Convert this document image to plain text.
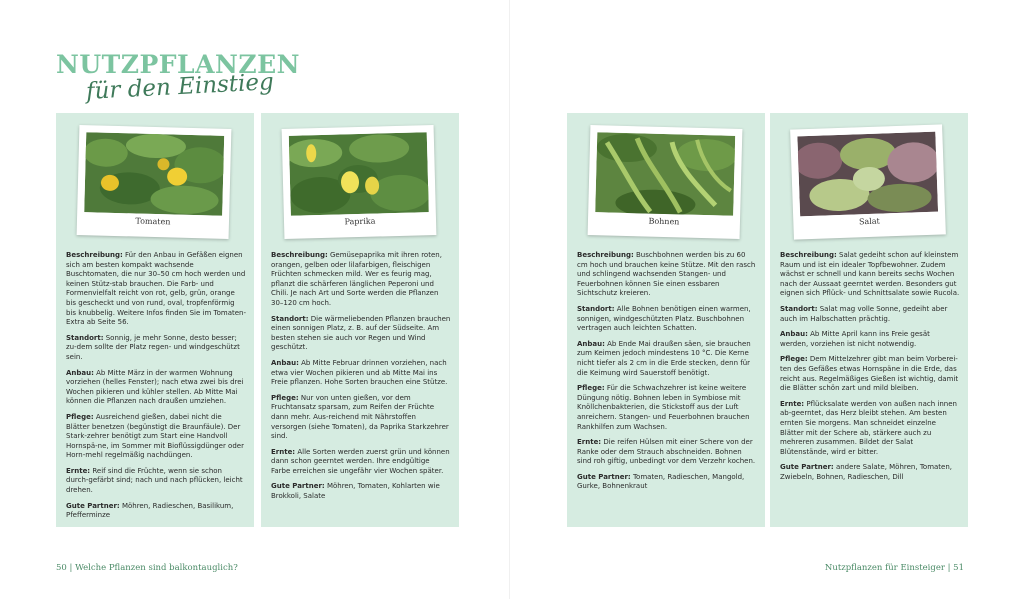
NUTZPFLANZEN
für den Einstieg
Tomaten

Beschreibung: Für den Anbau in Gefäßen eignen sich am besten kompakt wachsende Buschtomaten, die nur 30–50 cm hoch werden und keinen Stütz-stab brauchen. Die Farb- und Formenvielfalt reicht von rot, gelb, grün, orange bis gescheckt und von rund, oval, tropfenförmig bis knubbelig. Weitere Infos finden Sie im Tomaten-Extra ab Seite 56.

Standort: Sonnig, je mehr Sonne, desto besser; zu-dem sollte der Platz regen- und windgeschützt sein.

Anbau: Ab Mitte März in der warmen Wohnung vorziehen (helles Fenster); nach etwa zwei bis drei Wochen pikieren und kühler stellen. Ab Mitte Mai können die Pflanzen nach draußen umziehen.

Pflege: Ausreichend gießen, dabei nicht die Blätter benetzen (begünstigt die Braunfäule). Der Stark-zehrer benötigt zum Start eine Handvoll Hornspä-ne, im Sommer mit Bioflüssigdünger oder Horn-mehl regelmäßig nachdüngen.

Ernte: Reif sind die Früchte, wenn sie schon durch-gefärbt sind; nach und nach pflücken, leicht drehen.

Gute Partner: Möhren, Radieschen, Basilikum, Pfefferminze

Paprika

Beschreibung: Gemüsepaprika mit ihren roten, orangen, gelben oder lilafarbigen, fleischigen Früchten schmecken mild. Wer es feurig mag, pflanzt die schärferen länglichen Peperoni und Chili. Je nach Art und Sorte werden die Pflanzen 30–120 cm hoch.

Standort: Die wärmeliebenden Pflanzen brauchen einen sonnigen Platz, z. B. auf der Südseite. Am besten stehen sie auch vor Regen und Wind geschützt.

Anbau: Ab Mitte Februar drinnen vorziehen, nach etwa vier Wochen pikieren und ab Mitte Mai ins Freie pflanzen. Hohe Sorten brauchen eine Stütze.

Pflege: Nur von unten gießen, vor dem Fruchtansatz sparsam, zum Reifen der Früchte dann mehr. Aus-reichend mit Nährstoffen versorgen (siehe Tomaten), da Paprika Starkzehrer sind.

Ernte: Alle Sorten werden zuerst grün und können dann schon geerntet werden. Ihre endgültige Farbe erreichen sie ungefähr vier Wochen später.

Gute Partner: Möhren, Tomaten, Kohlarten wie Brokkoli, Salate

Bohnen

Beschreibung: Buschbohnen werden bis zu 60 cm hoch und brauchen keine Stütze. Mit den rasch und schlingend wachsenden Stangen- und Feuerbohnen können Sie einen essbaren Sichtschutz kreieren.

Standort: Alle Bohnen benötigen einen warmen, sonnigen, windgeschützten Platz. Buschbohnen vertragen auch leichten Schatten.

Anbau: Ab Ende Mai draußen säen, sie brauchen zum Keimen jedoch mindestens 10 °C. Die Kerne nicht tiefer als 2 cm in die Erde stecken, denn für die Keimung wird Sauerstoff benötigt.

Pflege: Für die Schwachzehrer ist keine weitere Düngung nötig. Bohnen leben in Symbiose mit Knöllchenbakterien, die Stickstoff aus der Luft anreichern. Stangen- und Feuerbohnen brauchen Rankhilfen zum Wachsen.

Ernte: Die reifen Hülsen mit einer Schere von der Ranke oder dem Strauch abschneiden. Bohnen sind roh giftig, unbedingt vor dem Verzehr kochen.

Gute Partner: Tomaten, Radieschen, Mangold, Gurke, Bohnenkraut

Salat

Beschreibung: Salat gedeiht schon auf kleinstem Raum und ist ein idealer Topfbewohner. Zudem wächst er schnell und kann bereits sechs Wochen nach der Aussaat geerntet werden. Besonders gut eignen sich Pflück- und Schnittsalate sowie Rucola.

Standort: Salat mag volle Sonne, gedeiht aber auch im Halbschatten prächtig.

Anbau: Ab Mitte April kann ins Freie gesät werden, vorziehen ist nicht notwendig.

Pflege: Dem Mittelzehrer gibt man beim Vorberei-ten des Gefäßes etwas Hornspäne in die Erde, das reicht aus. Regelmäßiges Gießen ist wichtig, damit die Blätter schön zart und mild bleiben.

Ernte: Pflücksalate werden von außen nach innen ab-geerntet, das Herz bleibt stehen. Am besten ernten Sie morgens. Man schneidet einzelne Blätter mit der Schere ab, stärkere auch zu mehreren zusammen. Bildet der Salat Blütenstände, wird er bitter.

Gute Partner: andere Salate, Möhren, Tomaten, Zwiebeln, Bohnen, Radieschen, Dill

50 | Welche Pflanzen sind balkontauglich?	Nutzpflanzen für Einsteiger | 51
